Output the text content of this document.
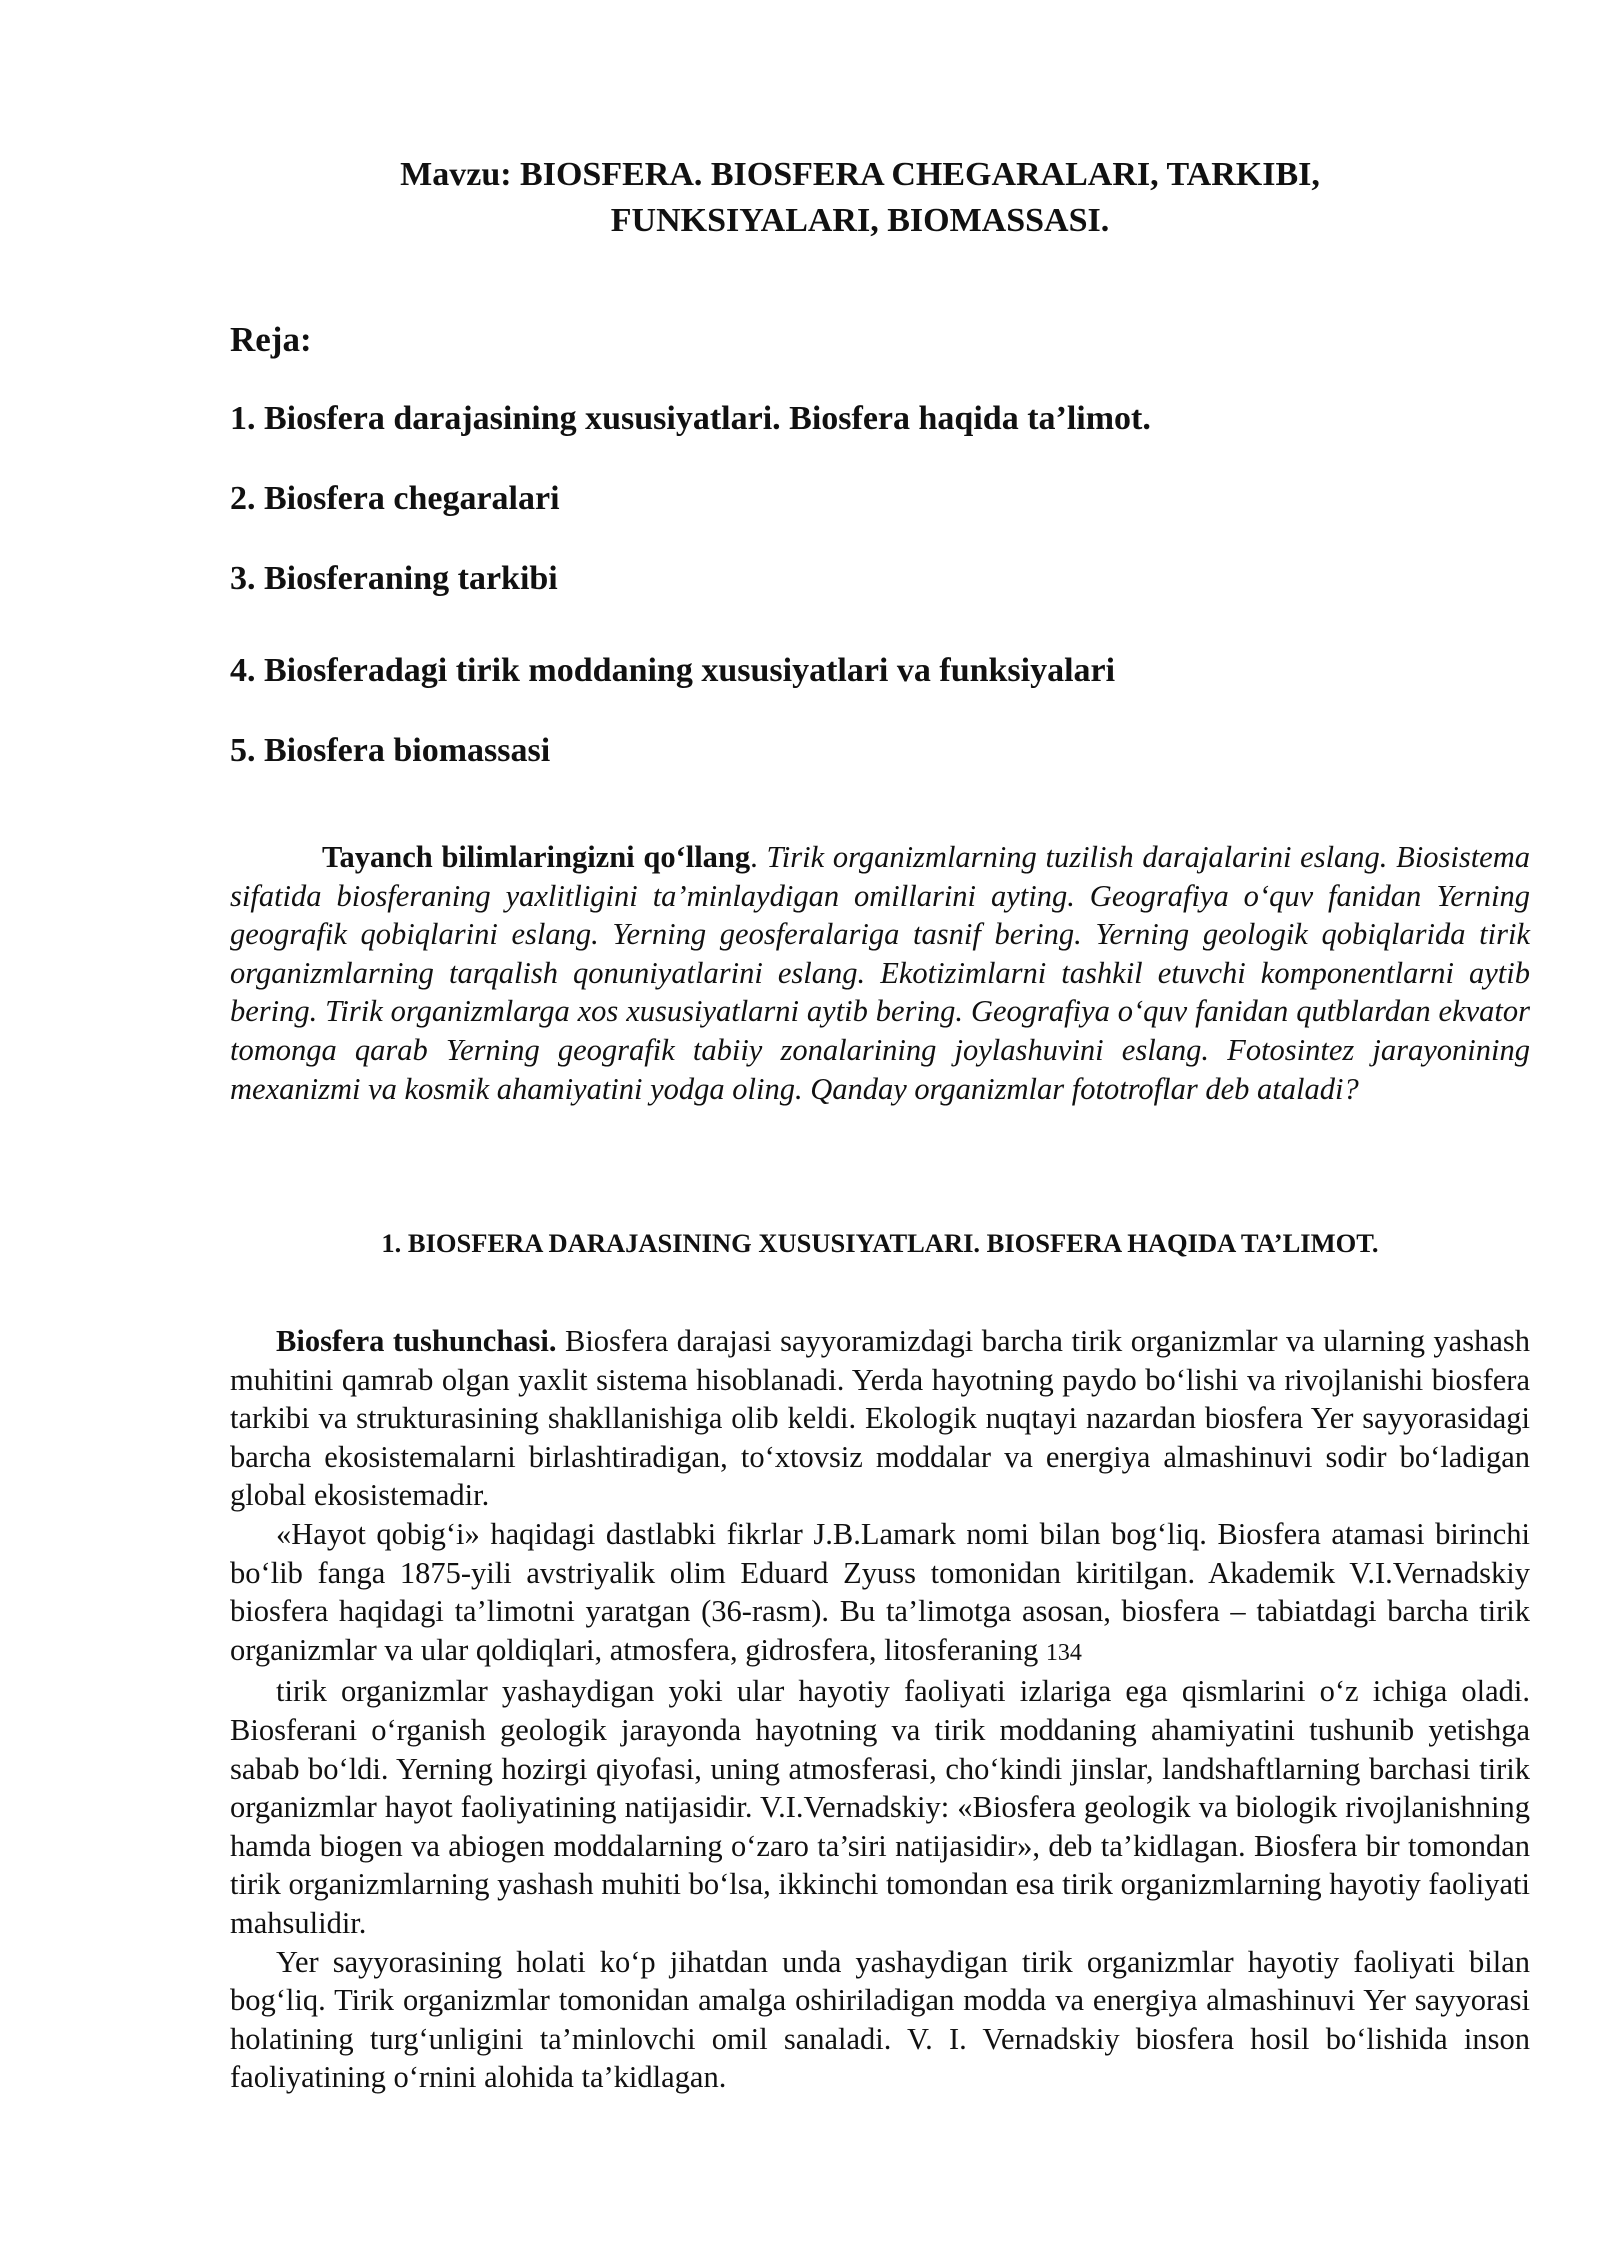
Mavzu: BIOSFERA. BIOSFERA CHEGARALARI, TARKIBI,
FUNKSIYALARI, BIOMASSASI.
Reja:
1. Biosfera darajasining xususiyatlari. Biosfera haqida ta’limot.
2. Biosfera chegaralari
3. Biosferaning tarkibi
4. Biosferadagi tirik moddaning xususiyatlari va funksiyalari
5. Biosfera biomassasi
Tayanch bilimlaringizni qo‘llang. Tirik organizmlarning tuzilish darajalarini eslang. Biosistema sifatida biosferaning yaxlitligini ta’minlaydigan omillarini ayting. Geografiya o‘quv fanidan Yerning geografik qobiqlarini eslang. Yerning geosferalariga tasnif bering. Yerning geologik qobiqlarida tirik organizmlarning tarqalish qonuniyatlarini eslang. Ekotizimlarni tashkil etuvchi komponentlarni aytib bering. Tirik organizmlarga xos xususiyatlarni aytib bering. Geografiya o‘quv fanidan qutblardan ekvator tomonga qarab Yerning geografik tabiiy zonalarining joylashuvini eslang. Fotosintez jarayonining mexanizmi va kosmik ahamiyatini yodga oling. Qanday organizmlar fototroflar deb ataladi?
1. BIOSFERA DARAJASINING XUSUSIYATLARI. BIOSFERA HAQIDA TA’LIMOT.

Biosfera tushunchasi. Biosfera darajasi sayyoramizdagi barcha tirik organizmlar va ularning yashash muhitini qamrab olgan yaxlit sistema hisoblanadi. Yerda hayotning paydo bo‘lishi va rivojlanishi biosfera tarkibi va strukturasining shakllanishiga olib keldi. Ekologik nuqtayi nazardan biosfera Yer sayyorasidagi barcha ekosistemalarni birlashtiradigan, to‘xtovsiz moddalar va energiya almashinuvi sodir bo‘ladigan global ekosistemadir.

«Hayot qobig‘i» haqidagi dastlabki fikrlar J.B.Lamark nomi bilan bog‘liq. Biosfera atamasi birinchi bo‘lib fanga 1875-yili avstriyalik olim Eduard Zyuss tomonidan kiritilgan. Akademik V.I.Vernadskiy biosfera haqidagi ta’limotni yaratgan (36-rasm). Bu ta’limotga asosan, biosfera – tabiatdagi barcha tirik organizmlar va ular qoldiqlari, atmosfera, gidrosfera, litosferaning 134

tirik organizmlar yashaydigan yoki ular hayotiy faoliyati izlariga ega qismlarini o‘z ichiga oladi. Biosferani o‘rganish geologik jarayonda hayotning va tirik moddaning ahamiyatini tushunib yetishga sabab bo‘ldi. Yerning hozirgi qiyofasi, uning atmosferasi, cho‘kindi jinslar, landshaftlarning barchasi tirik organizmlar hayot faoliyatining natijasidir. V.I.Vernadskiy: «Biosfera geologik va biologik rivojlanishning hamda biogen va abiogen moddalarning o‘zaro ta’siri natijasidir», deb ta’kidlagan. Biosfera bir tomondan tirik organizmlarning yashash muhiti bo‘lsa, ikkinchi tomondan esa tirik organizmlarning hayotiy faoliyati mahsulidir.

Yer sayyorasining holati ko‘p jihatdan unda yashaydigan tirik organizmlar hayotiy faoliyati bilan bog‘liq. Tirik organizmlar tomonidan amalga oshiriladigan modda va energiya almashinuvi Yer sayyorasi holatining turg‘unligini ta’minlovchi omil sanaladi. V. I. Vernadskiy biosfera hosil bo‘lishida inson faoliyatining o‘rnini alohida ta’kidlagan.
